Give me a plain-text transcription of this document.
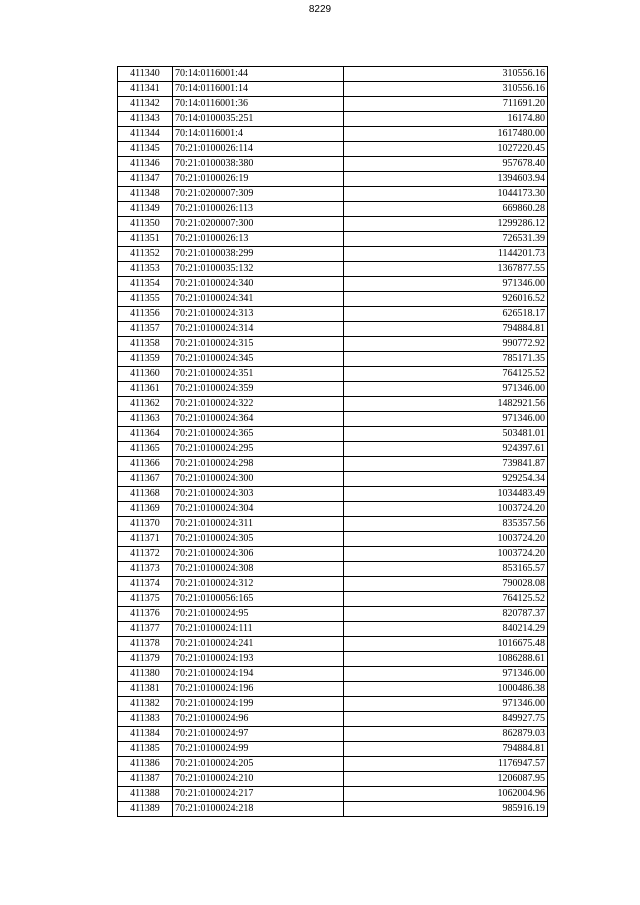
8229
411340	70:14:0116001:44	310556.16
411341	70:14:0116001:14	310556.16
411342	70:14:0116001:36	711691.20
411343	70:14:0100035:251	16174.80
411344	70:14:0116001:4	1617480.00
411345	70:21:0100026:114	1027220.45
411346	70:21:0100038:380	957678.40
411347	70:21:0100026:19	1394603.94
411348	70:21:0200007:309	1044173.30
411349	70:21:0100026:113	669860.28
411350	70:21:0200007:300	1299286.12
411351	70:21:0100026:13	726531.39
411352	70:21:0100038:299	1144201.73
411353	70:21:0100035:132	1367877.55
411354	70:21:0100024:340	971346.00
411355	70:21:0100024:341	926016.52
411356	70:21:0100024:313	626518.17
411357	70:21:0100024:314	794884.81
411358	70:21:0100024:315	990772.92
411359	70:21:0100024:345	785171.35
411360	70:21:0100024:351	764125.52
411361	70:21:0100024:359	971346.00
411362	70:21:0100024:322	1482921.56
411363	70:21:0100024:364	971346.00
411364	70:21:0100024:365	503481.01
411365	70:21:0100024:295	924397.61
411366	70:21:0100024:298	739841.87
411367	70:21:0100024:300	929254.34
411368	70:21:0100024:303	1034483.49
411369	70:21:0100024:304	1003724.20
411370	70:21:0100024:311	835357.56
411371	70:21:0100024:305	1003724.20
411372	70:21:0100024:306	1003724.20
411373	70:21:0100024:308	853165.57
411374	70:21:0100024:312	790028.08
411375	70:21:0100056:165	764125.52
411376	70:21:0100024:95	820787.37
411377	70:21:0100024:111	840214.29
411378	70:21:0100024:241	1016675.48
411379	70:21:0100024:193	1086288.61
411380	70:21:0100024:194	971346.00
411381	70:21:0100024:196	1000486.38
411382	70:21:0100024:199	971346.00
411383	70:21:0100024:96	849927.75
411384	70:21:0100024:97	862879.03
411385	70:21:0100024:99	794884.81
411386	70:21:0100024:205	1176947.57
411387	70:21:0100024:210	1206087.95
411388	70:21:0100024:217	1062004.96
411389	70:21:0100024:218	985916.19
